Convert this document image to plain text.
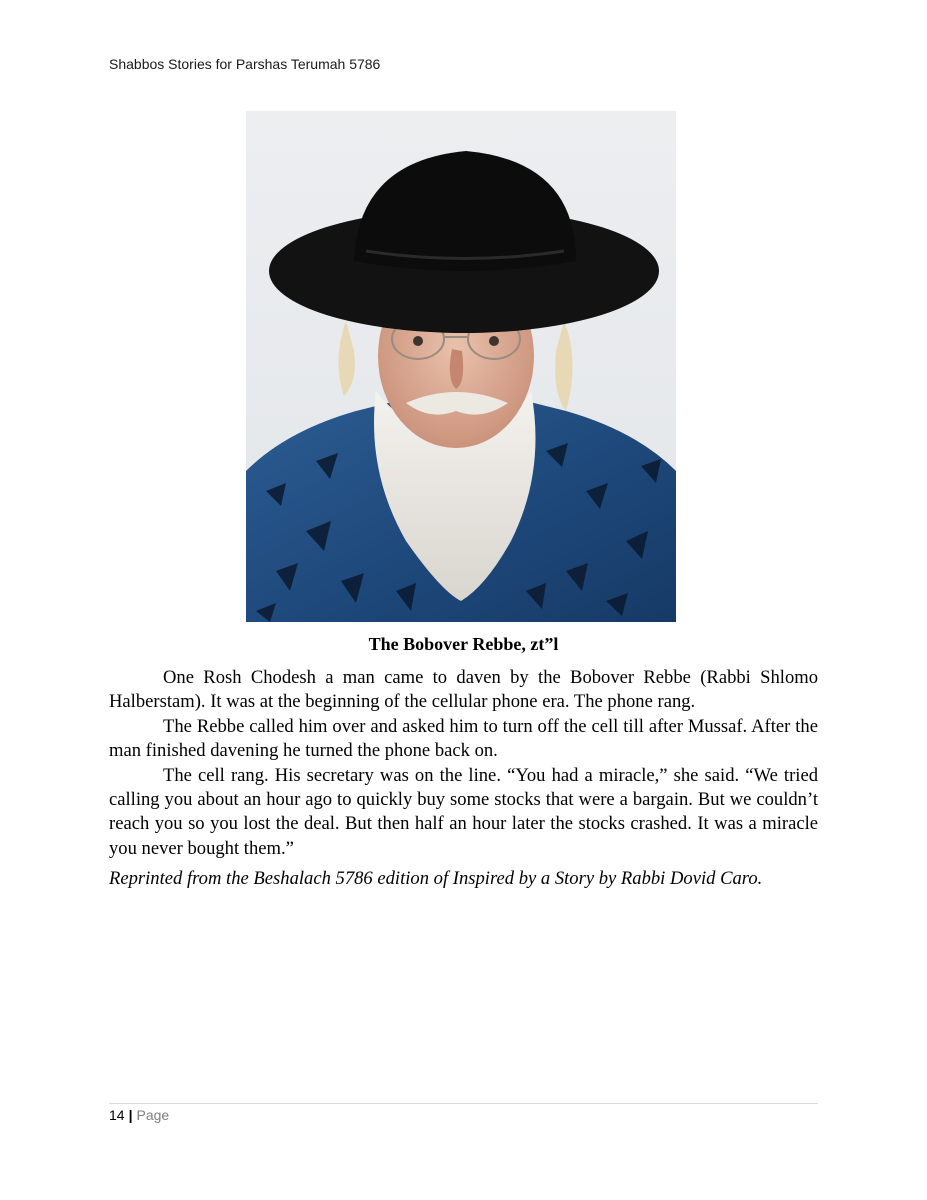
Shabbos Stories for Parshas Terumah 5786
The Bobover Rebbe, zt”l

One Rosh Chodesh a man came to daven by the Bobover Rebbe (Rabbi Shlomo Halberstam). It was at the beginning of the cellular phone era. The phone rang.

The Rebbe called him over and asked him to turn off the cell till after Mussaf. After the man finished davening he turned the phone back on.

The cell rang. His secretary was on the line. “You had a miracle,” she said. “We tried calling you about an hour ago to quickly buy some stocks that were a bargain. But we couldn’t reach you so you lost the deal. But then half an hour later the stocks crashed. It was a miracle you never bought them.”

Reprinted from the Beshalach 5786 edition of Inspired by a Story by Rabbi Dovid Caro.

14 | Page
